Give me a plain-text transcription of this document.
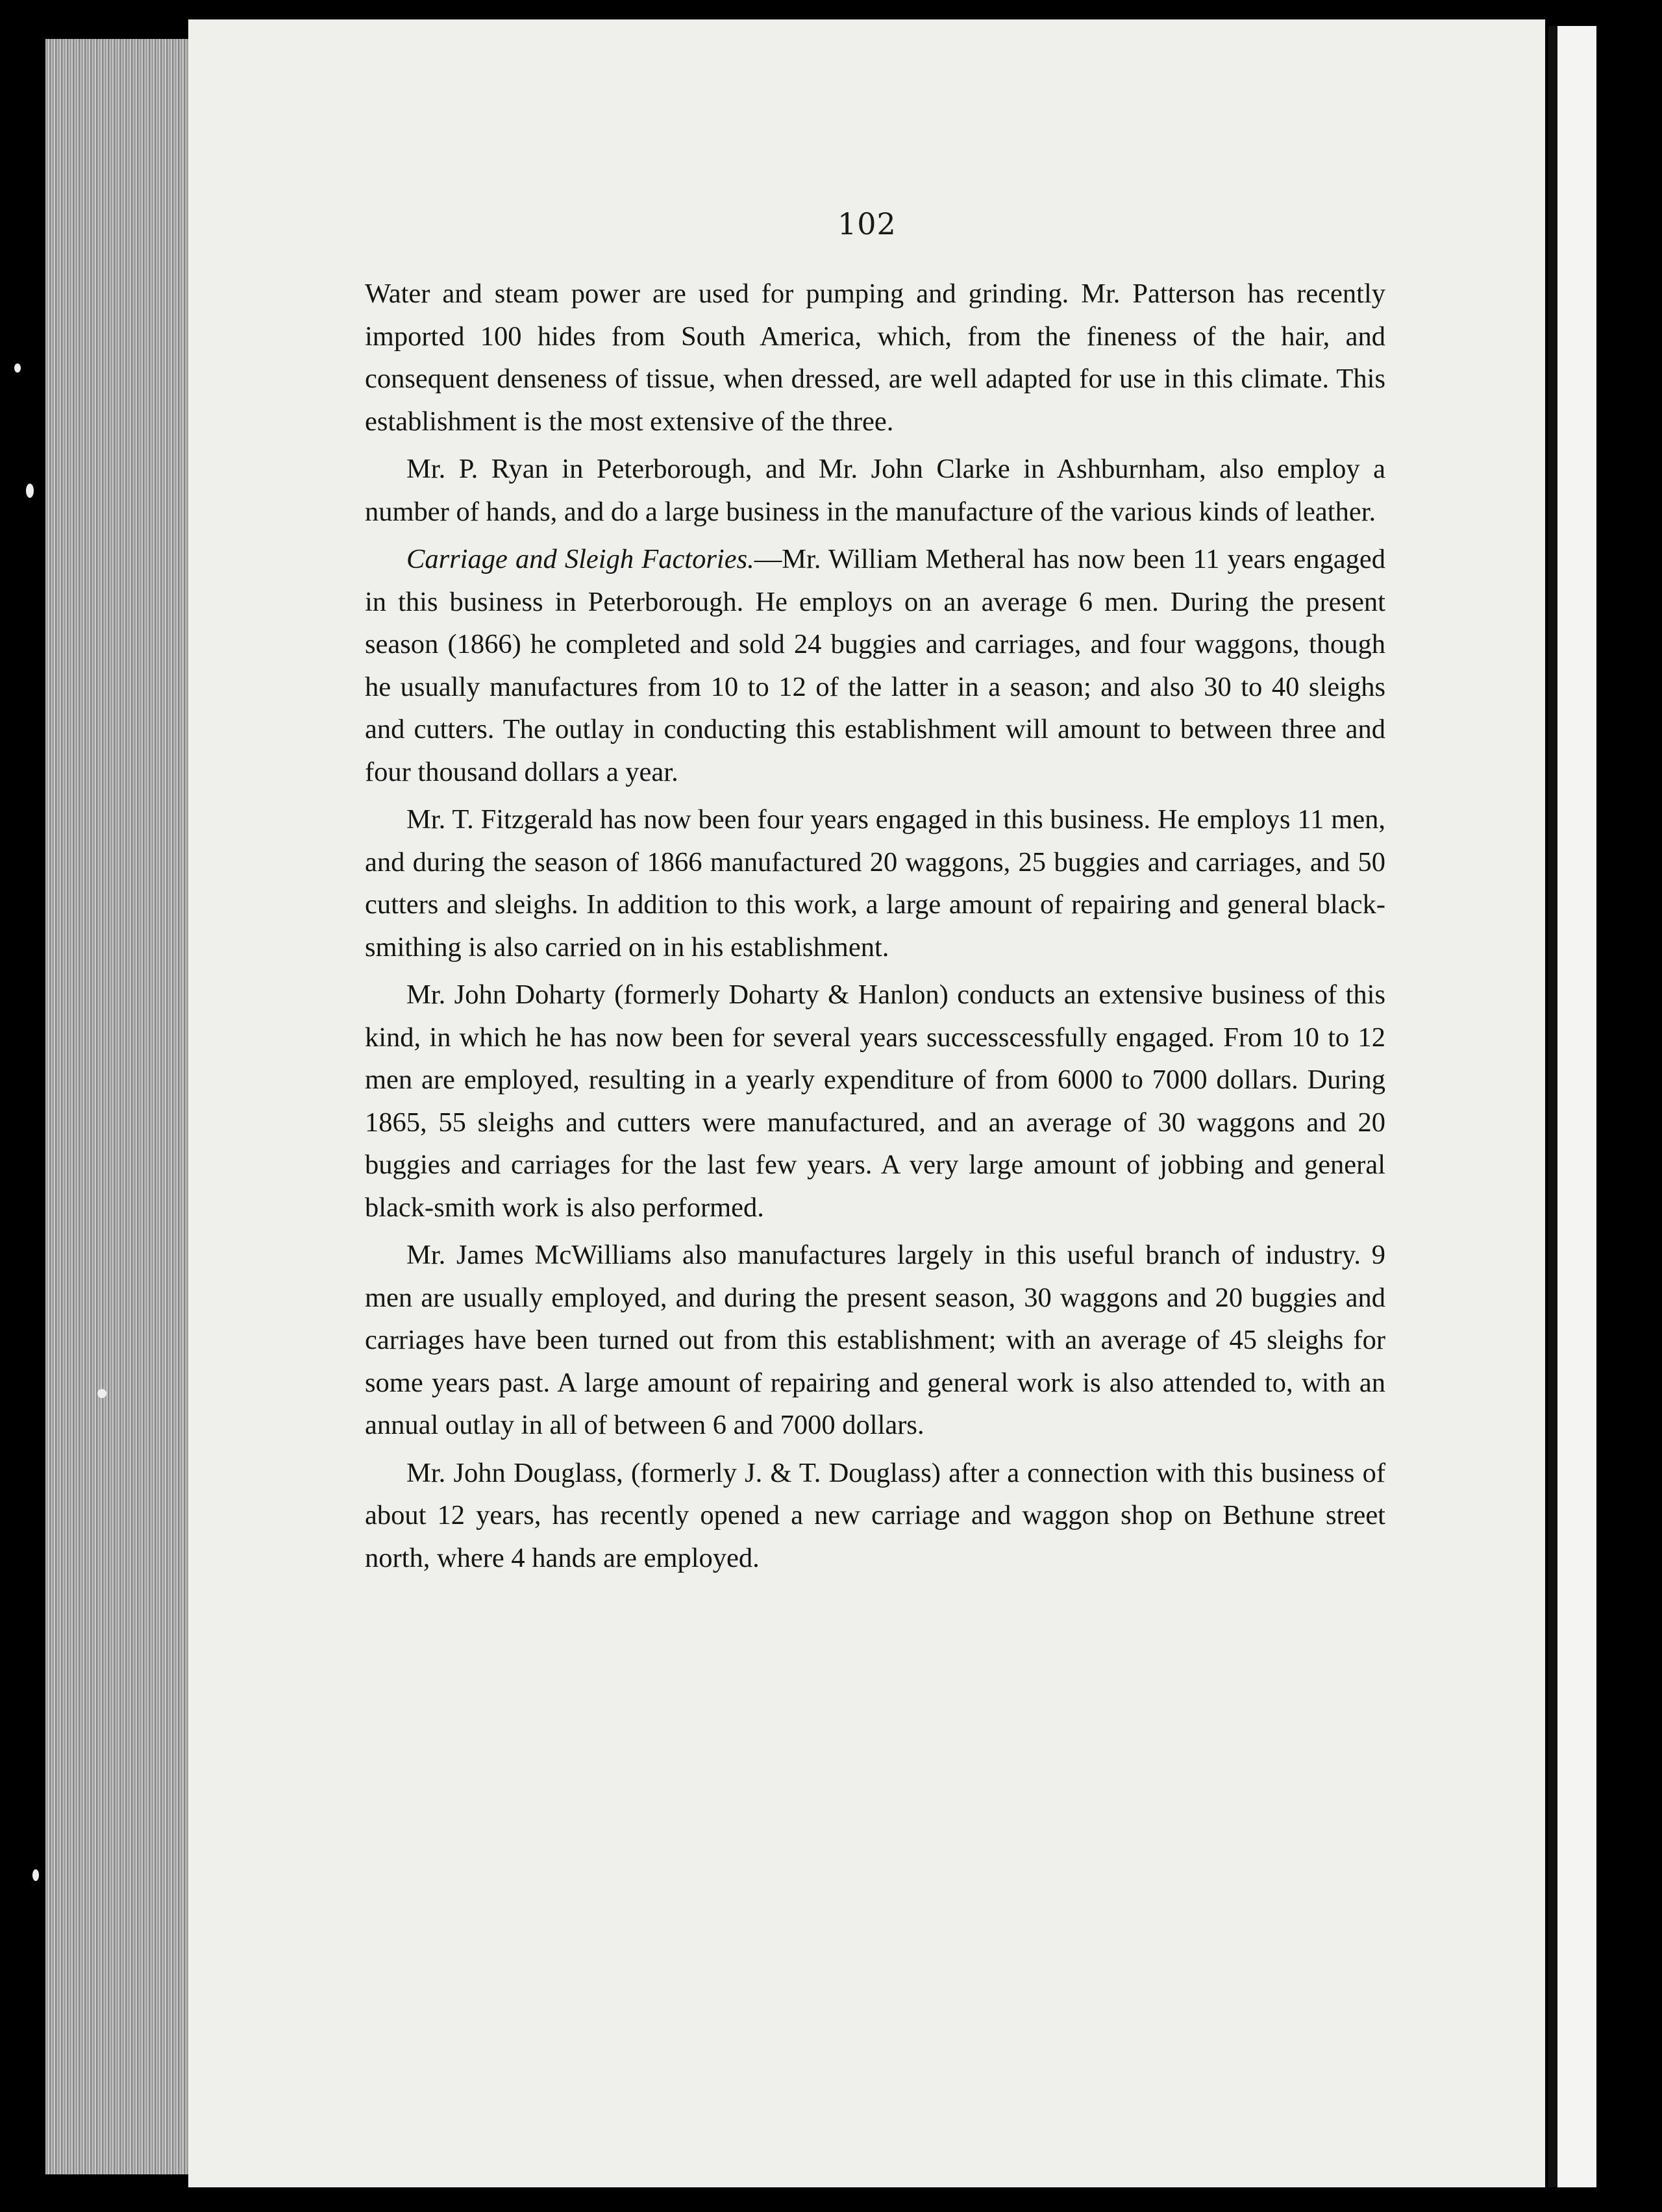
102

Water and steam power are used for pumping and grinding. Mr. Patterson has recently imported 100 hides from South America, which, from the fineness of the hair, and consequent denseness of tissue, when dressed, are well adapted for use in this climate. This establishment is the most extensive of the three.

Mr. P. Ryan in Peterborough, and Mr. John Clarke in Ashburnham, also employ a number of hands, and do a large business in the manufacture of the various kinds of leather.

Carriage and Sleigh Factories.—Mr. William Metheral has now been 11 years engaged in this business in Peterborough. He employs on an average 6 men. During the present season (1866) he completed and sold 24 buggies and carriages, and four waggons, though he usually manufactures from 10 to 12 of the latter in a season; and also 30 to 40 sleighs and cutters. The outlay in conducting this establishment will amount to between three and four thousand dollars a year.

Mr. T. Fitzgerald has now been four years engaged in this business. He employs 11 men, and during the season of 1866 manufactured 20 waggons, 25 buggies and carriages, and 50 cutters and sleighs. In addition to this work, a large amount of repairing and general black-smithing is also carried on in his establishment.

Mr. John Doharty (formerly Doharty & Hanlon) conducts an extensive business of this kind, in which he has now been for several years successcessfully engaged. From 10 to 12 men are employed, resulting in a yearly expenditure of from 6000 to 7000 dollars. During 1865, 55 sleighs and cutters were manufactured, and an average of 30 waggons and 20 buggies and carriages for the last few years. A very large amount of jobbing and general black-smith work is also performed.

Mr. James McWilliams also manufactures largely in this useful branch of industry. 9 men are usually employed, and during the present season, 30 waggons and 20 buggies and carriages have been turned out from this establishment; with an average of 45 sleighs for some years past. A large amount of repairing and general work is also attended to, with an annual outlay in all of between 6 and 7000 dollars.

Mr. John Douglass, (formerly J. & T. Douglass) after a connection with this business of about 12 years, has recently opened a new carriage and waggon shop on Bethune street north, where 4 hands are employed.
